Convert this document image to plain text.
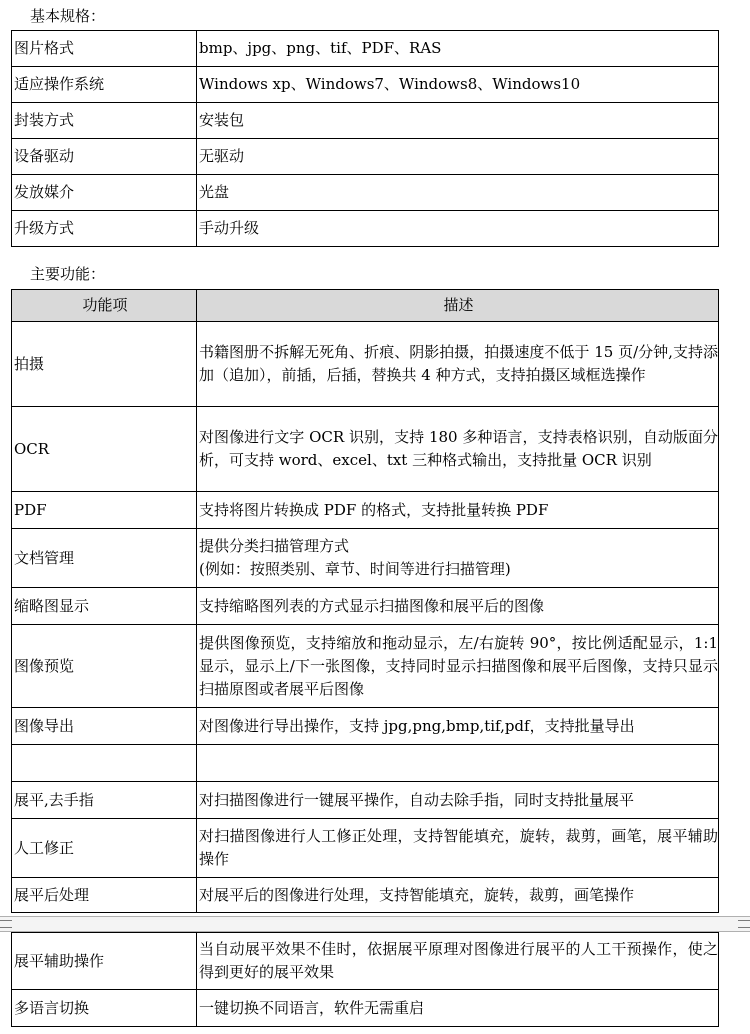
基本规格：
图片格式	bmp、jpg、png、tif、PDF、RAS
适应操作系统	Windows xp、Windows7、Windows8、Windows10
封装方式	安装包
设备驱动	无驱动
发放媒介	光盘
升级方式	手动升级
主要功能：
功能项	描述
拍摄	书籍图册不拆解无死角、折痕、阴影拍摄，拍摄速度不低于 15 页/分钟,支持添加（追加），前插，后插，替换共 4 种方式，支持拍摄区域框选操作
OCR	对图像进行文字 OCR 识别，支持 180 多种语言，支持表格识别，自动版面分析，可支持 word、excel、txt 三种格式输出，支持批量 OCR 识别
PDF	支持将图片转换成 PDF 的格式，支持批量转换 PDF
文档管理	提供分类扫描管理方式
(例如：按照类别、章节、时间等进行扫描管理)

缩略图显示	支持缩略图列表的方式显示扫描图像和展平后的图像
图像预览	提供图像预览，支持缩放和拖动显示，左/右旋转 90°，按比例适配显示，1:1 显示，显示上/下一张图像，支持同时显示扫描图像和展平后图像，支持只显示扫描原图或者展平后图像
图像导出	对图像进行导出操作，支持 jpg,png,bmp,tif,pdf，支持批量导出

展平,去手指	对扫描图像进行一键展平操作，自动去除手指，同时支持批量展平
人工修正	对扫描图像进行人工修正处理，支持智能填充，旋转，裁剪，画笔，展平辅助操作
展平后处理	对展平后的图像进行处理，支持智能填充，旋转，裁剪，画笔操作
展平辅助操作	当自动展平效果不佳时，依据展平原理对图像进行展平的人工干预操作，使之得到更好的展平效果
多语言切换	一键切换不同语言，软件无需重启
